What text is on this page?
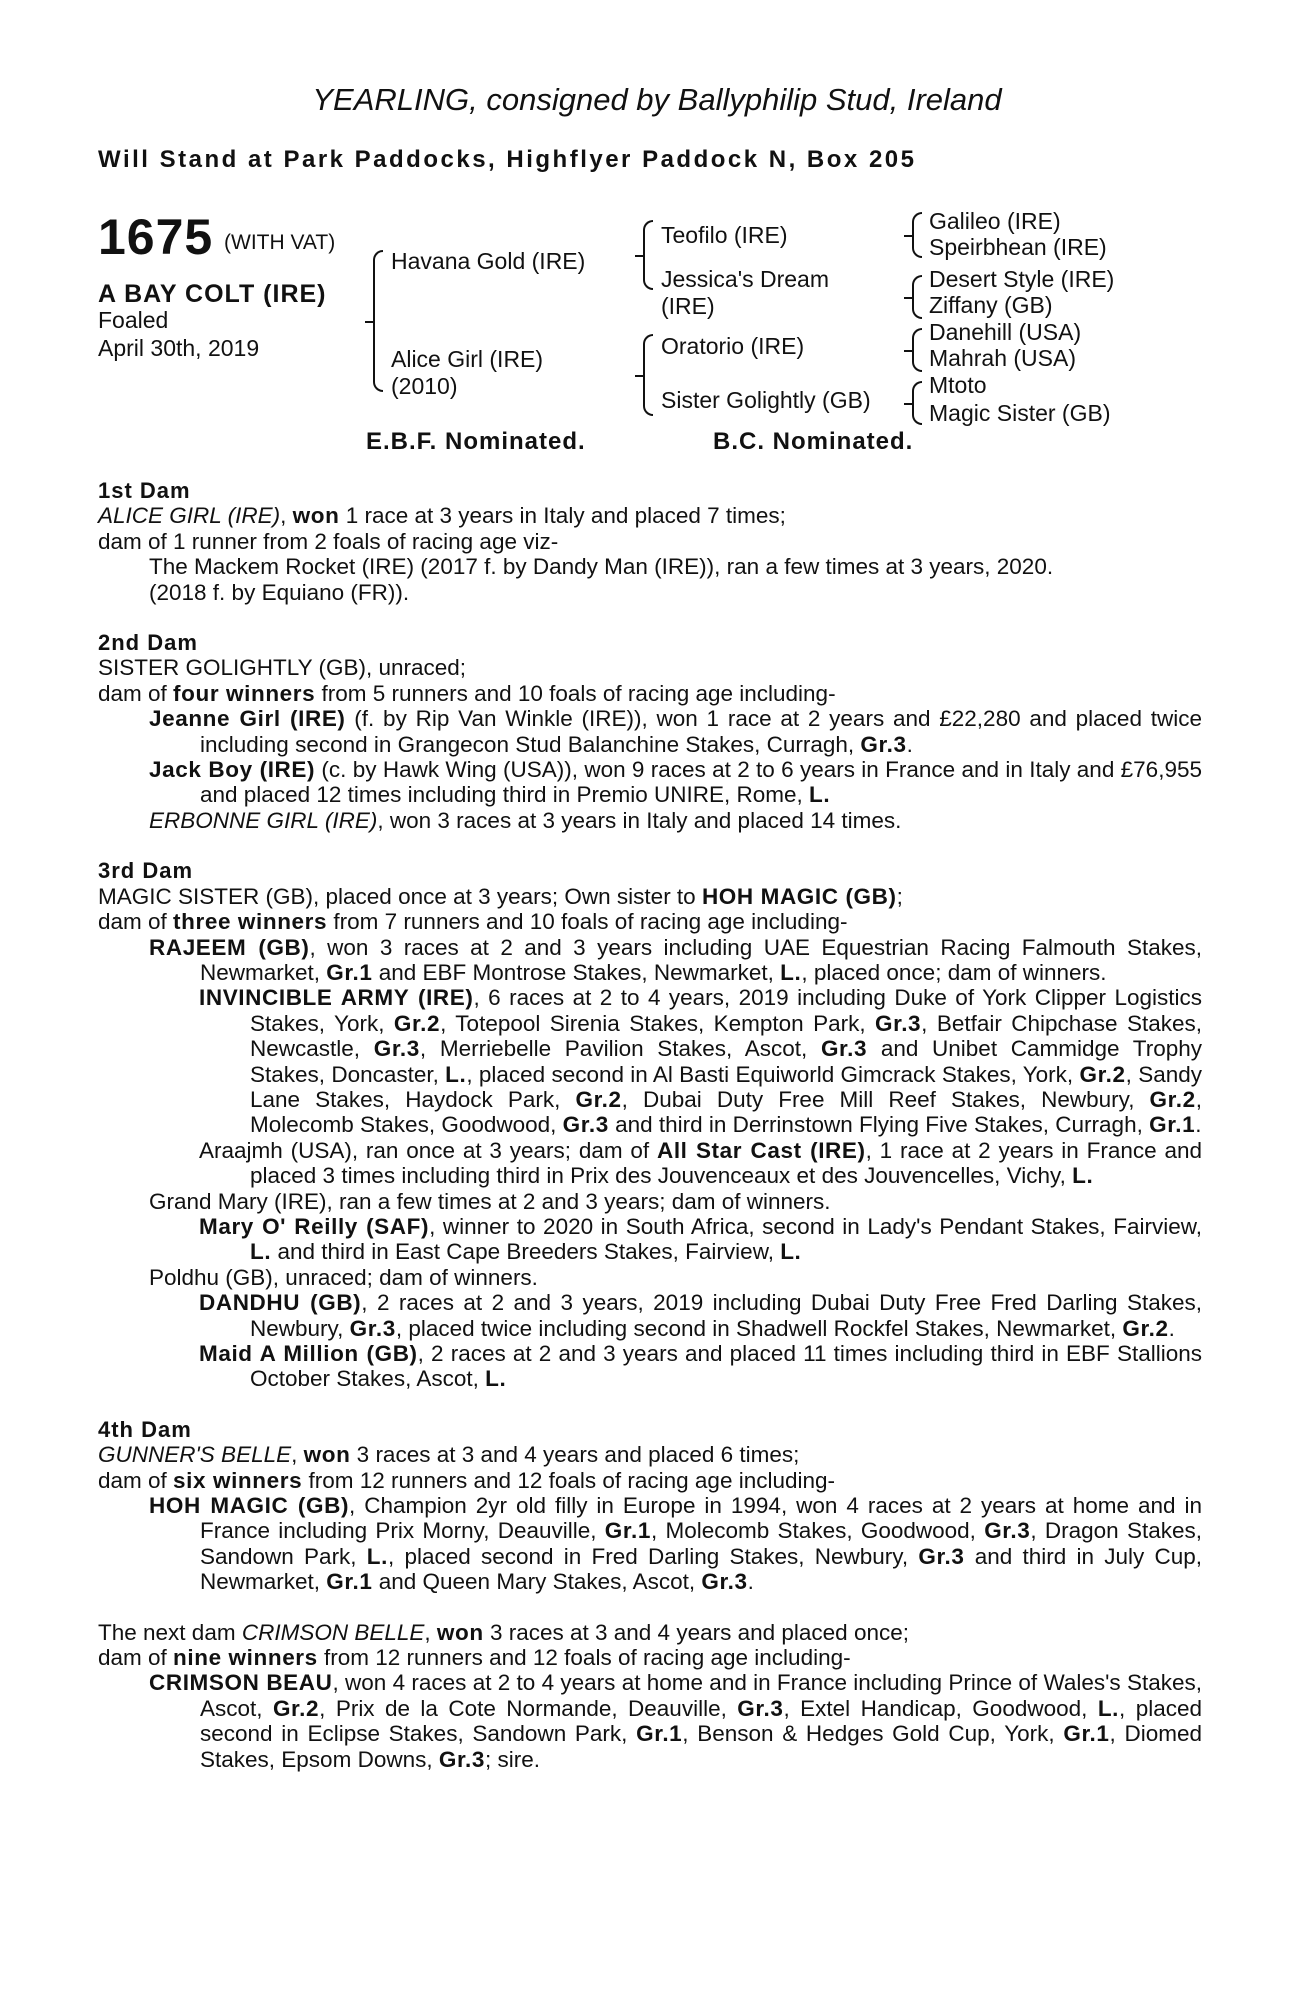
YEARLING, consigned by Ballyphilip Stud, Ireland
Will Stand at Park Paddocks, Highflyer Paddock N, Box 205
1675 (WITH VAT)
A BAY COLT (IRE)
Foaled
April 30th, 2019
Havana Gold (IRE)
Alice Girl (IRE)
(2010)
Teofilo (IRE)
Jessica's Dream
(IRE)
Oratorio (IRE)
Sister Golightly (GB)
Galileo (IRE)
Speirbhean (IRE)
Desert Style (IRE)
Ziffany (GB)
Danehill (USA)
Mahrah (USA)
Mtoto
Magic Sister (GB)
E.B.F. Nominated.	B.C. Nominated.
1st Dam
ALICE GIRL (IRE), won 1 race at 3 years in Italy and placed 7 times;
dam of 1 runner from 2 foals of racing age viz-
The Mackem Rocket (IRE) (2017 f. by Dandy Man (IRE)), ran a few times at 3 years, 2020.
(2018 f. by Equiano (FR)).
2nd Dam
SISTER GOLIGHTLY (GB), unraced;
dam of four winners from 5 runners and 10 foals of racing age including-
Jeanne Girl (IRE) (f. by Rip Van Winkle (IRE)), won 1 race at 2 years and £22,280 and placed twice including second in Grangecon Stud Balanchine Stakes, Curragh, Gr.3.
Jack Boy (IRE) (c. by Hawk Wing (USA)), won 9 races at 2 to 6 years in France and in Italy and £76,955 and placed 12 times including third in Premio UNIRE, Rome, L.
ERBONNE GIRL (IRE), won 3 races at 3 years in Italy and placed 14 times.
3rd Dam
MAGIC SISTER (GB), placed once at 3 years; Own sister to HOH MAGIC (GB);
dam of three winners from 7 runners and 10 foals of racing age including-
RAJEEM (GB), won 3 races at 2 and 3 years including UAE Equestrian Racing Falmouth Stakes, Newmarket, Gr.1 and EBF Montrose Stakes, Newmarket, L., placed once; dam of winners.
INVINCIBLE ARMY (IRE), 6 races at 2 to 4 years, 2019 including Duke of York Clipper Logistics Stakes, York, Gr.2, Totepool Sirenia Stakes, Kempton Park, Gr.3, Betfair Chipchase Stakes, Newcastle, Gr.3, Merriebelle Pavilion Stakes, Ascot, Gr.3 and Unibet Cammidge Trophy Stakes, Doncaster, L., placed second in Al Basti Equiworld Gimcrack Stakes, York, Gr.2, Sandy Lane Stakes, Haydock Park, Gr.2, Dubai Duty Free Mill Reef Stakes, Newbury, Gr.2, Molecomb Stakes, Goodwood, Gr.3 and third in Derrinstown Flying Five Stakes, Curragh, Gr.1.
Araajmh (USA), ran once at 3 years; dam of All Star Cast (IRE), 1 race at 2 years in France and placed 3 times including third in Prix des Jouvenceaux et des Jouvencelles, Vichy, L.
Grand Mary (IRE), ran a few times at 2 and 3 years; dam of winners.
Mary O' Reilly (SAF), winner to 2020 in South Africa, second in Lady's Pendant Stakes, Fairview, L. and third in East Cape Breeders Stakes, Fairview, L.
Poldhu (GB), unraced; dam of winners.
DANDHU (GB), 2 races at 2 and 3 years, 2019 including Dubai Duty Free Fred Darling Stakes, Newbury, Gr.3, placed twice including second in Shadwell Rockfel Stakes, Newmarket, Gr.2.
Maid A Million (GB), 2 races at 2 and 3 years and placed 11 times including third in EBF Stallions October Stakes, Ascot, L.
4th Dam
GUNNER'S BELLE, won 3 races at 3 and 4 years and placed 6 times;
dam of six winners from 12 runners and 12 foals of racing age including-
HOH MAGIC (GB), Champion 2yr old filly in Europe in 1994, won 4 races at 2 years at home and in France including Prix Morny, Deauville, Gr.1, Molecomb Stakes, Goodwood, Gr.3, Dragon Stakes, Sandown Park, L., placed second in Fred Darling Stakes, Newbury, Gr.3 and third in July Cup, Newmarket, Gr.1 and Queen Mary Stakes, Ascot, Gr.3.
The next dam CRIMSON BELLE, won 3 races at 3 and 4 years and placed once;
dam of nine winners from 12 runners and 12 foals of racing age including-
CRIMSON BEAU, won 4 races at 2 to 4 years at home and in France including Prince of Wales's Stakes, Ascot, Gr.2, Prix de la Cote Normande, Deauville, Gr.3, Extel Handicap, Goodwood, L., placed second in Eclipse Stakes, Sandown Park, Gr.1, Benson & Hedges Gold Cup, York, Gr.1, Diomed Stakes, Epsom Downs, Gr.3; sire.
